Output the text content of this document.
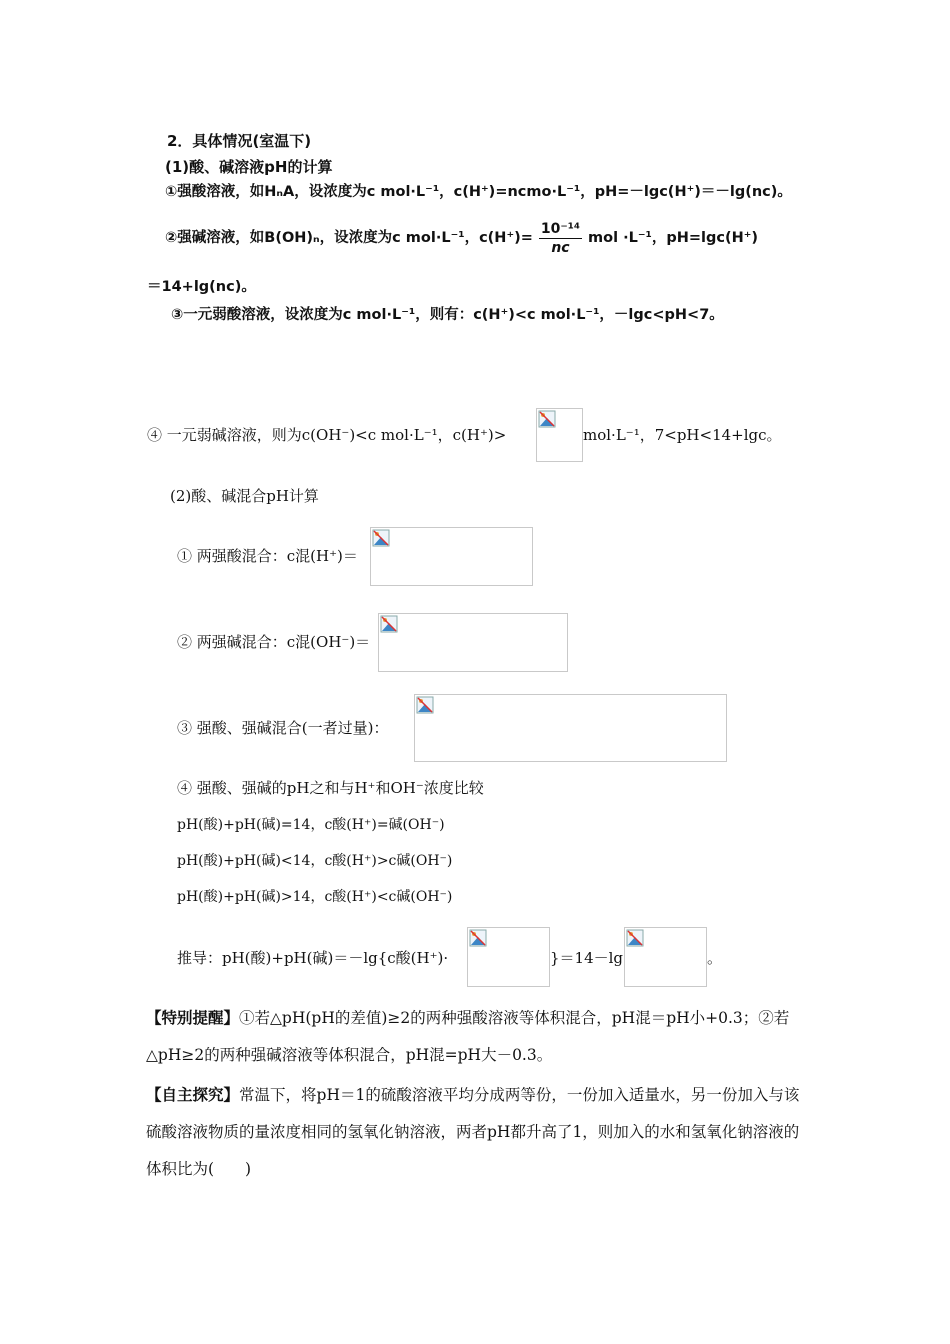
2．具体情况(室温下)
(1)酸、碱溶液pH的计算
①强酸溶液，如HₙA，设浓度为c mol·L⁻¹，c(H⁺)=ncmo·L⁻¹，pH=－lgc(H⁺)＝－lg(nc)。
②强碱溶液，如B(OH)ₙ，设浓度为c mol·L⁻¹，$c(H^+)= \frac{\text{10⁻¹⁴}}{nc}$ mol ·L⁻¹，pH=lgc(H⁺)
＝14+lg(nc)。
③一元弱酸溶液，设浓度为c mol·L⁻¹，则有：c(H⁺)<c mol·L⁻¹，－lgc<pH<7。
④ 一元弱碱溶液，则为c(OH⁻)<c mol·L⁻¹，c(H⁺)>	mol·L⁻¹，7<pH<14+lgc。
(2)酸、碱混合pH计算
① 两强酸混合：c混(H⁺)＝
② 两强碱混合：c混(OH⁻)＝
③ 强酸、强碱混合(一者过量)：
④ 强酸、强碱的pH之和与H⁺和OH⁻浓度比较
pH(酸)+pH(碱)=14，c酸(H⁺)=碱(OH⁻)
pH(酸)+pH(碱)<14，c酸(H⁺)>c碱(OH⁻)
pH(酸)+pH(碱)>14，c酸(H⁺)<c碱(OH⁻)
推导：pH(酸)+pH(碱)＝－lg{c酸(H⁺)·	}＝14－lg	。
【特别提醒】①若△pH(pH的差值)≥2的两种强酸溶液等体积混合，pH混＝pH小+0.3；②若△pH≥2的两种强碱溶液等体积混合，pH混=pH大－0.3。
【自主探究】常温下，将pH＝1的硫酸溶液平均分成两等份，一份加入适量水，另一份加入与该硫酸溶液物质的量浓度相同的氢氧化钠溶液，两者pH都升高了1，则加入的水和氢氧化钠溶液的体积比为(　　)
